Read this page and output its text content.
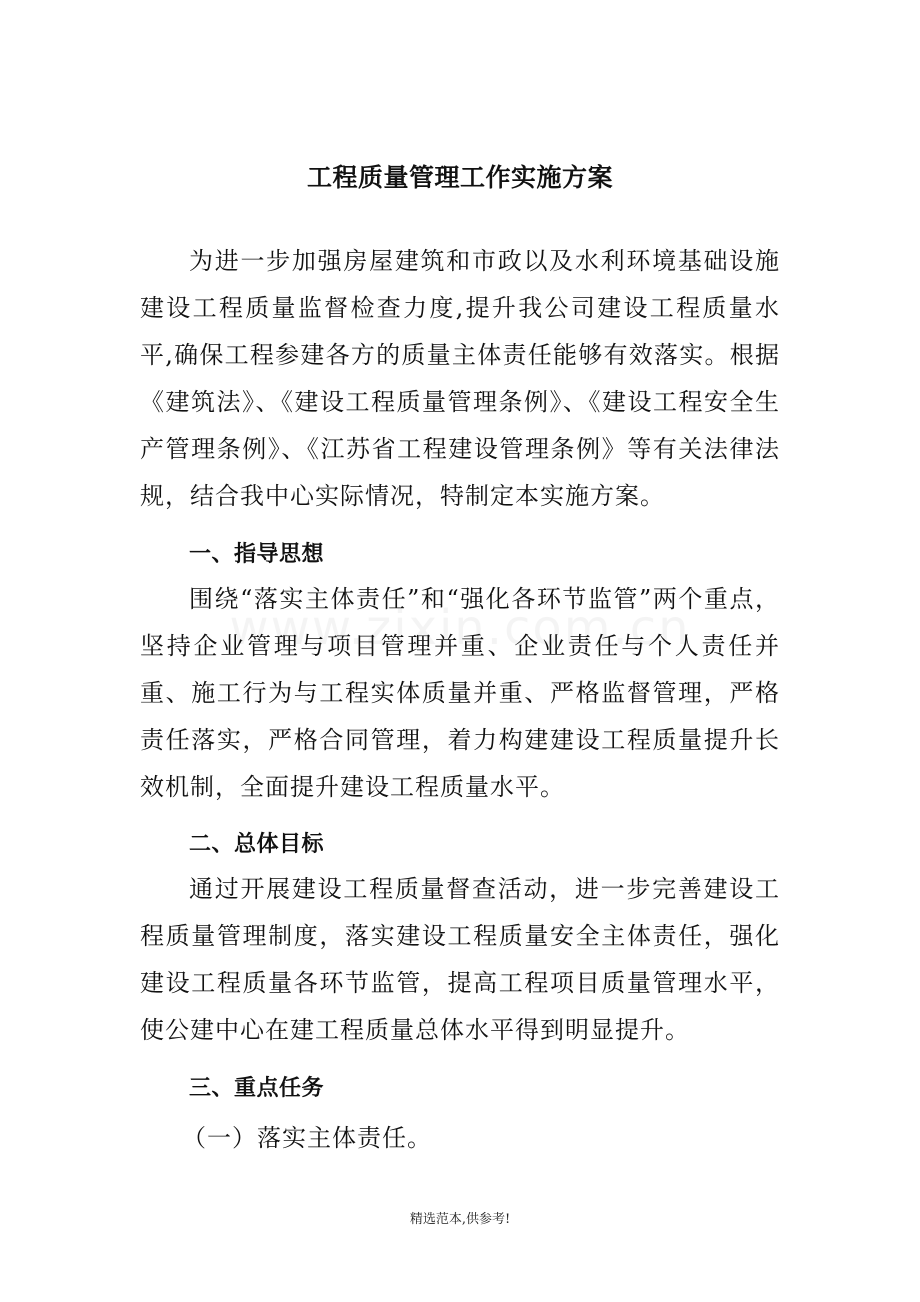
工程质量管理工作实施方案

为进一步加强房屋建筑和市政以及水利环境基础设施建设工程质量监督检查力度,提升我公司建设工程质量水平,确保工程参建各方的质量主体责任能够有效落实。根据《建筑法》、《建设工程质量管理条例》、《建设工程安全生产管理条例》、《江苏省工程建设管理条例》等有关法律法规，结合我中心实际情况，特制定本实施方案。

一、指导思想

围绕“落实主体责任”和“强化各环节监管”两个重点，坚持企业管理与项目管理并重、企业责任与个人责任并重、施工行为与工程实体质量并重、严格监督管理，严格责任落实，严格合同管理，着力构建建设工程质量提升长效机制，全面提升建设工程质量水平。

二、总体目标

通过开展建设工程质量督查活动，进一步完善建设工程质量管理制度，落实建设工程质量安全主体责任，强化建设工程质量各环节监管，提高工程项目质量管理水平，使公建中心在建工程质量总体水平得到明显提升。

三、重点任务

（一）落实主体责任。

精选范本,供参考!
